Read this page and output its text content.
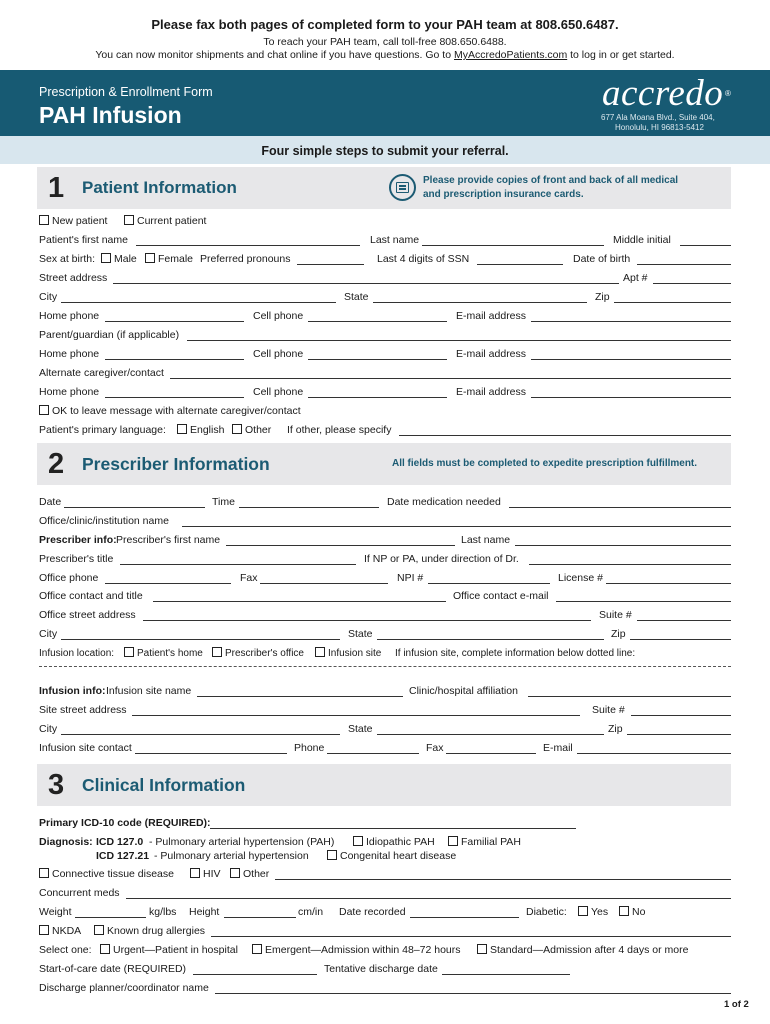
Please fax both pages of completed form to your PAH team at 808.650.6487.
To reach your PAH team, call toll-free 808.650.6488.
You can now monitor shipments and chat online if you have questions. Go to MyAccredoPatients.com to log in or get started.
Prescription & Enrollment Form
PAH Infusion
accredo ®
677 Ala Moana Blvd., Suite 404,
Honolulu, HI 96813-5412
Four simple steps to submit your referral.
1 Patient Information	Please provide copies of front and back of all medical
and prescription insurance cards.
New patient	Current patient
Patient's first name	Last name	Middle initial
Sex at birth:	Male	Female Preferred pronouns	Last 4 digits of SSN	Date of birth
Street address	Apt #
City	State	Zip
Home phone	Cell phone	E-mail address
Parent/guardian (if applicable)
Home phone	Cell phone	E-mail address
Alternate caregiver/contact
Home phone	Cell phone	E-mail address
OK to leave message with alternate caregiver/contact
Patient's primary language:	English	Other If other, please specify
2 Prescriber Information	All fields must be completed to expedite prescription fulfillment.
Date	Time	Date medication needed
Office/clinic/institution name
Prescriber info: Prescriber's first name	Last name
Prescriber's title	If NP or PA, under direction of Dr.
Office phone	Fax	NPI #	License #
Office contact and title	Office contact e-mail
Office street address	Suite #
City	State	Zip
Infusion location:	Patient's home	Prescriber's office	Infusion site If infusion site, complete information below dotted line:
Infusion info: Infusion site name	Clinic/hospital affiliation
Site street address	Suite #
City	State	Zip
Infusion site contact	Phone	Fax	E-mail
3 Clinical Information
Primary ICD-10 code (REQUIRED):
Diagnosis: ICD 127.0 - Pulmonary arterial hypertension (PAH)	Idiopathic PAH	Familial PAH
ICD 127.21 - Pulmonary arterial hypertension	Congenital heart disease
Connective tissue disease	HIV	Other
Concurrent meds
Weight	kg/lbs Height	cm/in Date recorded	Diabetic:	Yes	No
NKDA	Known drug allergies
Select one:	Urgent—Patient in hospital	Emergent—Admission within 48–72 hours	Standard—Admission after 4 days or more
Start-of-care date (REQUIRED)	Tentative discharge date
Discharge planner/coordinator name
1 of 2
